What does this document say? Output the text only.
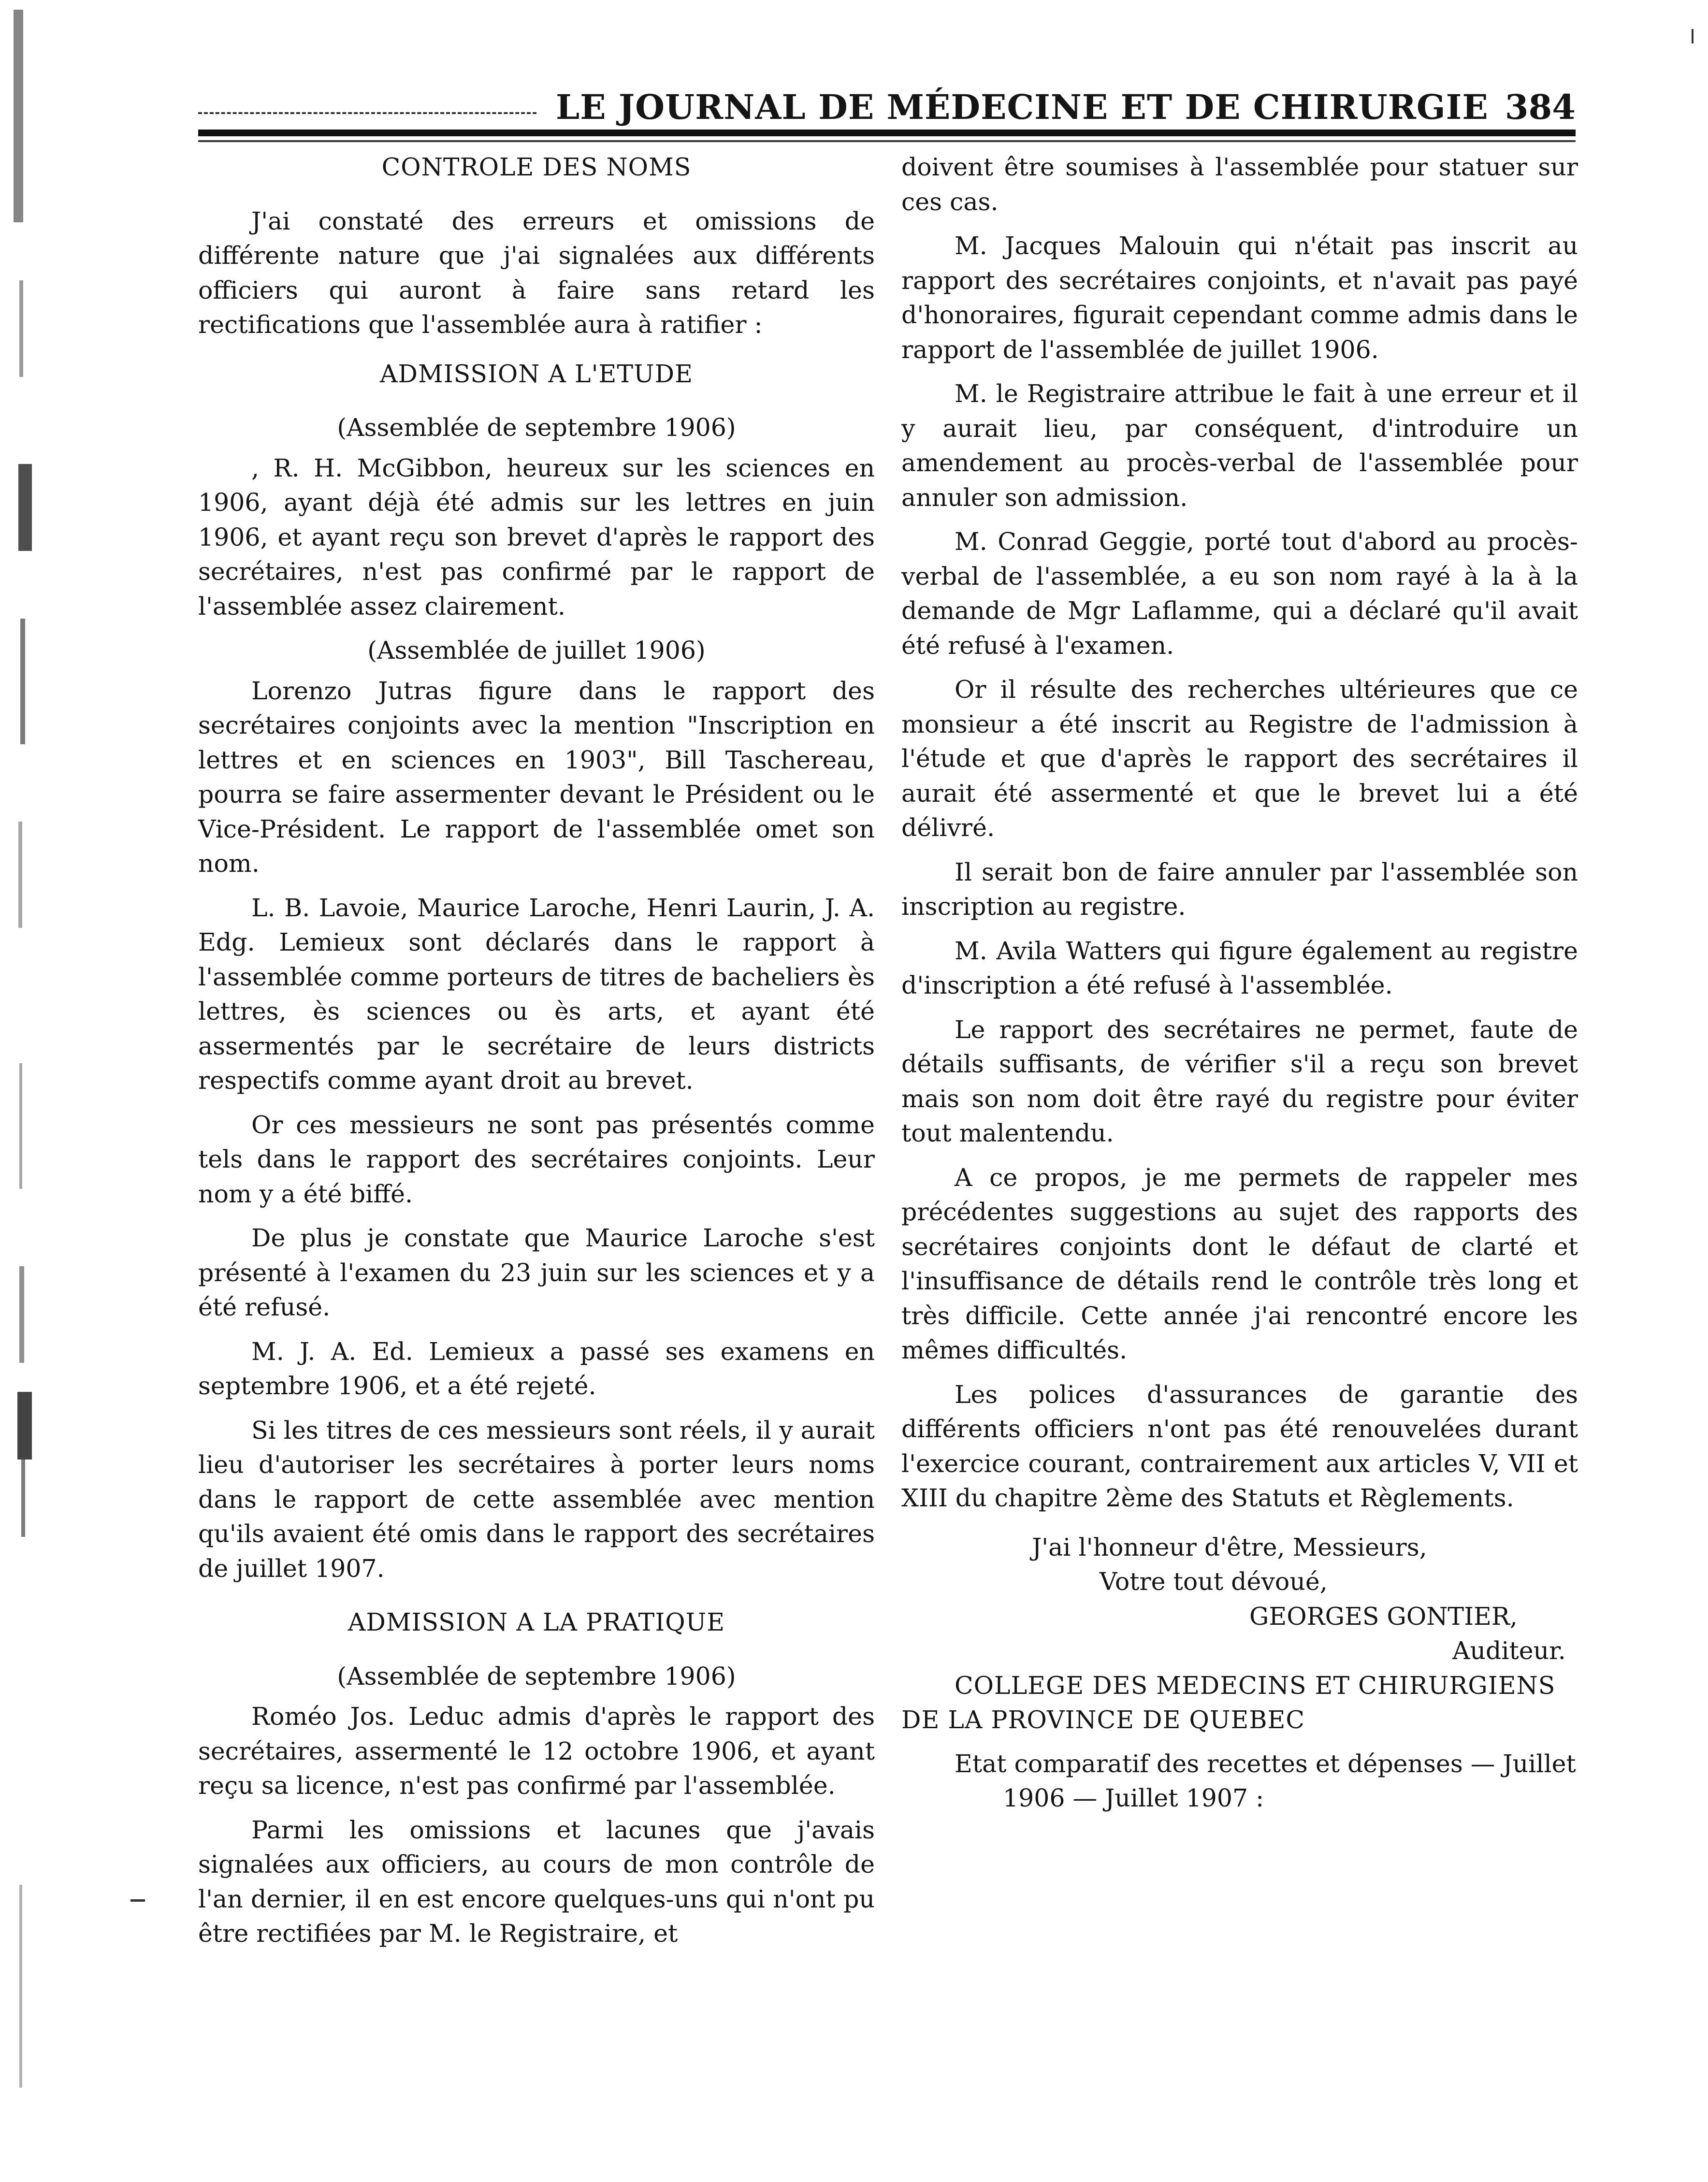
LE JOURNAL DE MÉDECINE ET DE CHIRURGIE 384

CONTROLE DES NOMS

J'ai constaté des erreurs et omissions de différente nature que j'ai signalées aux différents officiers qui auront à faire sans retard les rectifications que l'assemblée aura à ratifier :

ADMISSION A L'ETUDE

(Assemblée de septembre 1906)

, R. H. McGibbon, heureux sur les sciences en 1906, ayant déjà été admis sur les lettres en juin 1906, et ayant reçu son brevet d'après le rapport des secrétaires, n'est pas confirmé par le rapport de l'assemblée assez clairement.

(Assemblée de juillet 1906)

Lorenzo Jutras figure dans le rapport des secrétaires conjoints avec la mention "Inscription en lettres et en sciences en 1903", Bill Taschereau, pourra se faire assermenter devant le Président ou le Vice-Président. Le rapport de l'assemblée omet son nom.

L. B. Lavoie, Maurice Laroche, Henri Laurin, J. A. Edg. Lemieux sont déclarés dans le rapport à l'assemblée comme porteurs de titres de bacheliers ès lettres, ès sciences ou ès arts, et ayant été assermentés par le secrétaire de leurs districts respectifs comme ayant droit au brevet.

Or ces messieurs ne sont pas présentés comme tels dans le rapport des secrétaires conjoints. Leur nom y a été biffé.

De plus je constate que Maurice Laroche s'est présenté à l'examen du 23 juin sur les sciences et y a été refusé.

M. J. A. Ed. Lemieux a passé ses examens en septembre 1906, et a été rejeté.

Si les titres de ces messieurs sont réels, il y aurait lieu d'autoriser les secrétaires à porter leurs noms dans le rapport de cette assemblée avec mention qu'ils avaient été omis dans le rapport des secrétaires de juillet 1907.

ADMISSION A LA PRATIQUE

(Assemblée de septembre 1906)

Roméo Jos. Leduc admis d'après le rapport des secrétaires, assermenté le 12 octobre 1906, et ayant reçu sa licence, n'est pas confirmé par l'assemblée.

Parmi les omissions et lacunes que j'avais signalées aux officiers, au cours de mon contrôle de l'an dernier, il en est encore quelques-uns qui n'ont pu être rectifiées par M. le Registraire, et

doivent être soumises à l'assemblée pour statuer sur ces cas.

M. Jacques Malouin qui n'était pas inscrit au rapport des secrétaires conjoints, et n'avait pas payé d'honoraires, figurait cependant comme admis dans le rapport de l'assemblée de juillet 1906.

M. le Registraire attribue le fait à une erreur et il y aurait lieu, par conséquent, d'introduire un amendement au procès-verbal de l'assemblée pour annuler son admission.

M. Conrad Geggie, porté tout d'abord au procès-verbal de l'assemblée, a eu son nom rayé à la à la demande de Mgr Laflamme, qui a déclaré qu'il avait été refusé à l'examen.

Or il résulte des recherches ultérieures que ce monsieur a été inscrit au Registre de l'admission à l'étude et que d'après le rapport des secrétaires il aurait été assermenté et que le brevet lui a été délivré.

Il serait bon de faire annuler par l'assemblée son inscription au registre.

M. Avila Watters qui figure également au registre d'inscription a été refusé à l'assemblée.

Le rapport des secrétaires ne permet, faute de détails suffisants, de vérifier s'il a reçu son brevet mais son nom doit être rayé du registre pour éviter tout malentendu.

A ce propos, je me permets de rappeler mes précédentes suggestions au sujet des rapports des secrétaires conjoints dont le défaut de clarté et l'insuffisance de détails rend le contrôle très long et très difficile. Cette année j'ai rencontré encore les mêmes difficultés.

Les polices d'assurances de garantie des différents officiers n'ont pas été renouvelées durant l'exercice courant, contrairement aux articles V, VII et XIII du chapitre 2ème des Statuts et Règlements.

J'ai l'honneur d'être, Messieurs,

Votre tout dévoué,

GEORGES GONTIER,

Auditeur.

COLLEGE DES MEDECINS ET CHIRURGIENS
DE LA PROVINCE DE QUEBEC

Etat comparatif des recettes et dépenses — Juillet
1906 — Juillet 1907 :
